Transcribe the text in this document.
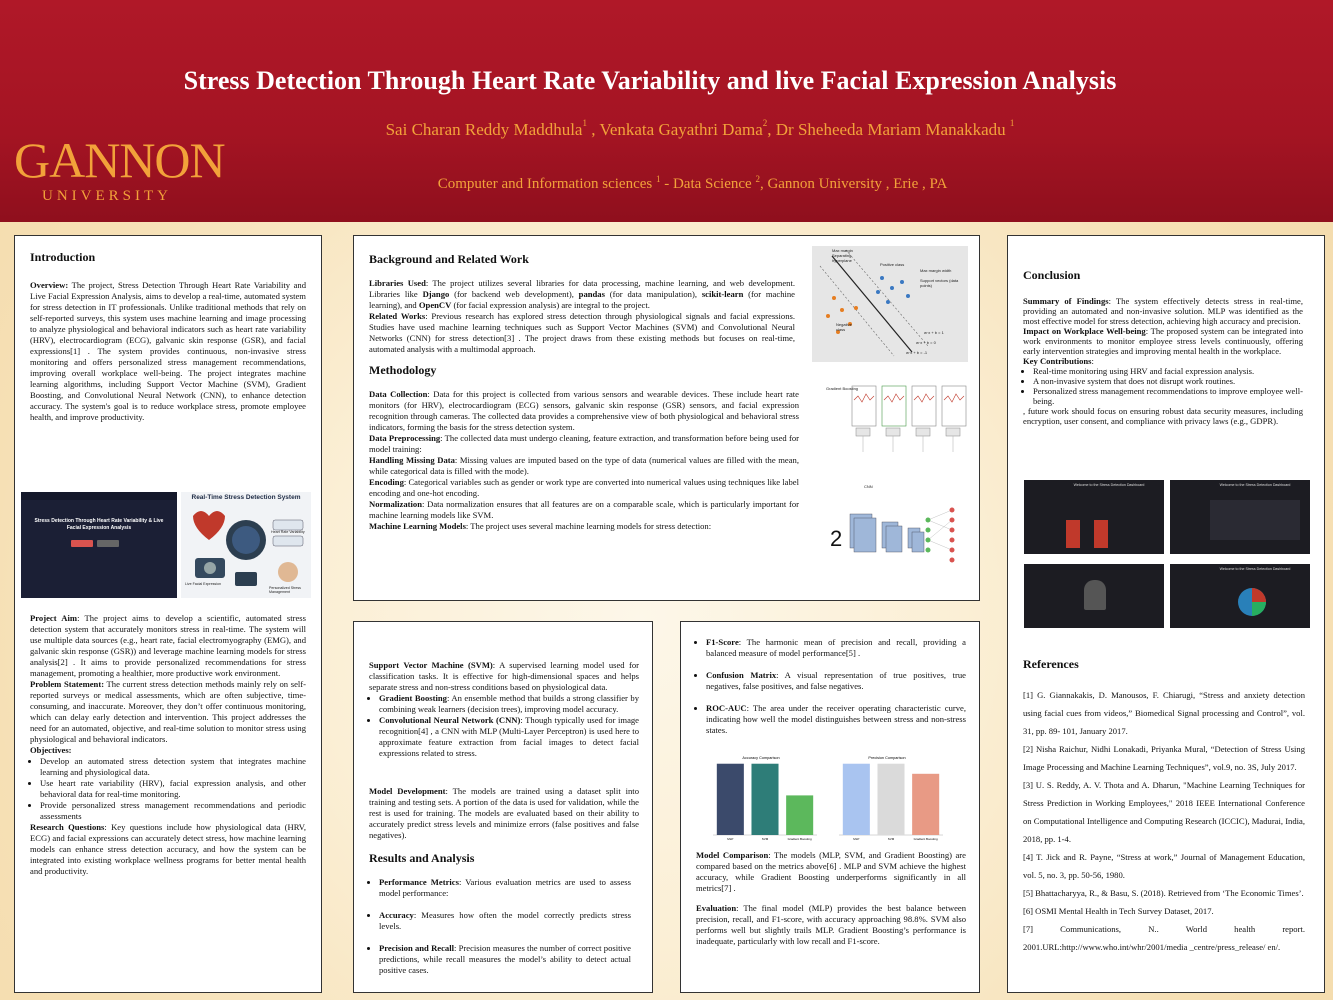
Stress Detection Through Heart Rate Variability and live Facial Expression Analysis
Sai Charan Reddy Maddhula$^1$ , Venkata Gayathri Dama$^2$, Dr Sheheeda Mariam Manakkadu $^1$
Computer and Information sciences $^1$ - Data Science $^2$, Gannon University , Erie , PA
GANNON
UNIVERSITY
Introduction
Overview: The project, Stress Detection Through Heart Rate Variability and Live Facial Expression Analysis, aims to develop a real-time, automated system for stress detection in IT professionals. Unlike traditional methods that rely on self-reported surveys, this system uses machine learning and image processing to analyze physiological and behavioral indicators such as heart rate variability (HRV), electrocardiogram (ECG), galvanic skin response (GSR), and facial expressions[1] . The system provides continuous, non-invasive stress monitoring and offers personalized stress management recommendations, improving overall workplace well-being. The project integrates machine learning algorithms, including Support Vector Machine (SVM), Gradient Boosting, and Convolutional Neural Network (CNN), to enhance detection accuracy. The system's goal is to reduce workplace stress, promote employee health, and improve productivity.
Stress Detection Through Heart Rate Variability & Live Facial Expression Analysis
Real-Time Stress Detection System
Heart Rate Variability
Live Facial Expression
Personalized Stress Management
Project Aim: The project aims to develop a scientific, automated stress detection system that accurately monitors stress in real-time. The system will use multiple data sources (e.g., heart rate, facial electromyography (EMG), and galvanic skin response (GSR)) and leverage machine learning models for stress analysis[2] . It aims to provide personalized recommendations for stress management, promoting a healthier, more productive work environment.
Problem Statement: The current stress detection methods mainly rely on self-reported surveys or medical assessments, which are often subjective, time-consuming, and inaccurate. Moreover, they don’t offer continuous monitoring, which can delay early detection and intervention. This project addresses the need for an automated, objective, and real-time solution to monitor stress using physiological and behavioral indicators.
Objectives:
• Develop an automated stress detection system that integrates machine learning and physiological data.
• Use heart rate variability (HRV), facial expression analysis, and other behavioral data for real-time monitoring.
• Provide personalized stress management recommendations and periodic assessments
Research Questions: Key questions include how physiological data (HRV, ECG) and facial expressions can accurately detect stress, how machine learning models can enhance stress detection accuracy, and how the system can be integrated into existing workplace wellness programs for better mental health and productivity.
Background and Related Work
Libraries Used: The project utilizes several libraries for data processing, machine learning, and web development. Libraries like Django (for backend web development), pandas (for data manipulation), scikit-learn (for machine learning), and OpenCV (for facial expression analysis) are integral to the project.
Related Works: Previous research has explored stress detection through physiological signals and facial expressions. Studies have used machine learning techniques such as Support Vector Machines (SVM) and Convolutional Neural Networks (CNN) for stress detection[3] . The project draws from these existing methods but focuses on real-time, automated analysis with a multimodal approach.
Max margin
Separating hyperplane
Positive class
Max margin width
Support vectors (data points)
Negative class
w·x + b = 1
w·x + b = 0
w·x + b = -1
Methodology
Data Collection: Data for this project is collected from various sensors and wearable devices. These include heart rate monitors (for HRV), electrocardiogram (ECG) sensors, galvanic skin response (GSR) sensors, and facial expression recognition through cameras. The collected data provides a comprehensive view of both physiological and behavioral stress indicators, forming the basis for the stress detection system.
Data Preprocessing: The collected data must undergo cleaning, feature extraction, and transformation before being used for model training:
Handling Missing Data: Missing values are imputed based on the type of data (numerical values are filled with the mean, while categorical data is filled with the mode).
Encoding: Categorical variables such as gender or work type are converted into numerical values using techniques like label encoding and one-hot encoding.
Normalization: Data normalization ensures that all features are on a comparable scale, which is particularly important for machine learning models like SVM.
Machine Learning Models: The project uses several machine learning models for stress detection:
Gradient Boosting
2
CNN
Support Vector Machine (SVM): A supervised learning model used for classification tasks. It is effective for high-dimensional spaces and helps separate stress and non-stress conditions based on physiological data.
• Gradient Boosting: An ensemble method that builds a strong classifier by combining weak learners (decision trees), improving model accuracy.
• Convolutional Neural Network (CNN): Though typically used for image recognition[4] , a CNN with MLP (Multi-Layer Perceptron) is used here to approximate feature extraction from facial images to detect facial expressions related to stress.
Model Development: The models are trained using a dataset split into training and testing sets. A portion of the data is used for validation, while the rest is used for training. The models are evaluated based on their ability to accurately predict stress levels and minimize errors (false positives and false negatives).
Results and Analysis
• Performance Metrics: Various evaluation metrics are used to assess model performance:
• Accuracy: Measures how often the model correctly predicts stress levels.
• Precision and Recall: Precision measures the number of correct positive predictions, while recall measures the model’s ability to detect actual positive cases.
• F1-Score: The harmonic mean of precision and recall, providing a balanced measure of model performance[5] .
• Confusion Matrix: A visual representation of true positives, true negatives, false positives, and false negatives.
• ROC-AUC: The area under the receiver operating characteristic curve, indicating how well the model distinguishes between stress and non-stress states.
Accuracy Comparison
MLP	SVM	Gradient Boosting
Precision Comparison
MLP	SVM	Gradient Boosting
Model Comparison: The models (MLP, SVM, and Gradient Boosting) are compared based on the metrics above[6] . MLP and SVM achieve the highest accuracy, while Gradient Boosting underperforms significantly in all metrics[7] .
Evaluation: The final model (MLP) provides the best balance between precision, recall, and F1-score, with accuracy approaching 98.8%. SVM also performs well but slightly trails MLP. Gradient Boosting’s performance is inadequate, particularly with low recall and F1-score.
Conclusion
Summary of Findings: The system effectively detects stress in real-time, providing an automated and non-invasive solution. MLP was identified as the most effective model for stress detection, achieving high accuracy and precision.
Impact on Workplace Well-being: The proposed system can be integrated into work environments to monitor employee stress levels continuously, offering early intervention strategies and improving mental health in the workplace.
Key Contributions:
• Real-time monitoring using HRV and facial expression analysis.
• A non-invasive system that does not disrupt work routines.
• Personalized stress management recommendations to improve employee well-being.
, future work should focus on ensuring robust data security measures, including encryption, user consent, and compliance with privacy laws (e.g., GDPR).
Welcome to the Stress Detection Dashboard	Welcome to the Stress Detection Dashboard
Welcome to the Stress Detection Dashboard
References
[1] G. Giannakakis, D. Manousos, F. Chiarugi, “Stress and anxiety detection using facial cues from videos,” Biomedical Signal processing and Control”, vol. 31, pp. 89- 101, January 2017.
[2] Nisha Raichur, Nidhi Lonakadi, Priyanka Mural, “Detection of Stress Using Image Processing and Machine Learning Techniques”, vol.9, no. 3S, July 2017.
[3] U. S. Reddy, A. V. Thota and A. Dharun, "Machine Learning Techniques for Stress Prediction in Working Employees," 2018 IEEE International Conference on Computational Intelligence and Computing Research (ICCIC), Madurai, India, 2018, pp. 1-4.
[4] T. Jick and R. Payne, “Stress at work,” Journal of Management Education, vol. 5, no. 3, pp. 50-56, 1980.
[5] Bhattacharyya, R., & Basu, S. (2018). Retrieved from ‘The Economic Times’.
[6] OSMI Mental Health in Tech Survey Dataset, 2017.
[7] Communications, N.. World health report. 2001.URL:http://www.who.int/whr/2001/media _centre/press_release/ en/.
